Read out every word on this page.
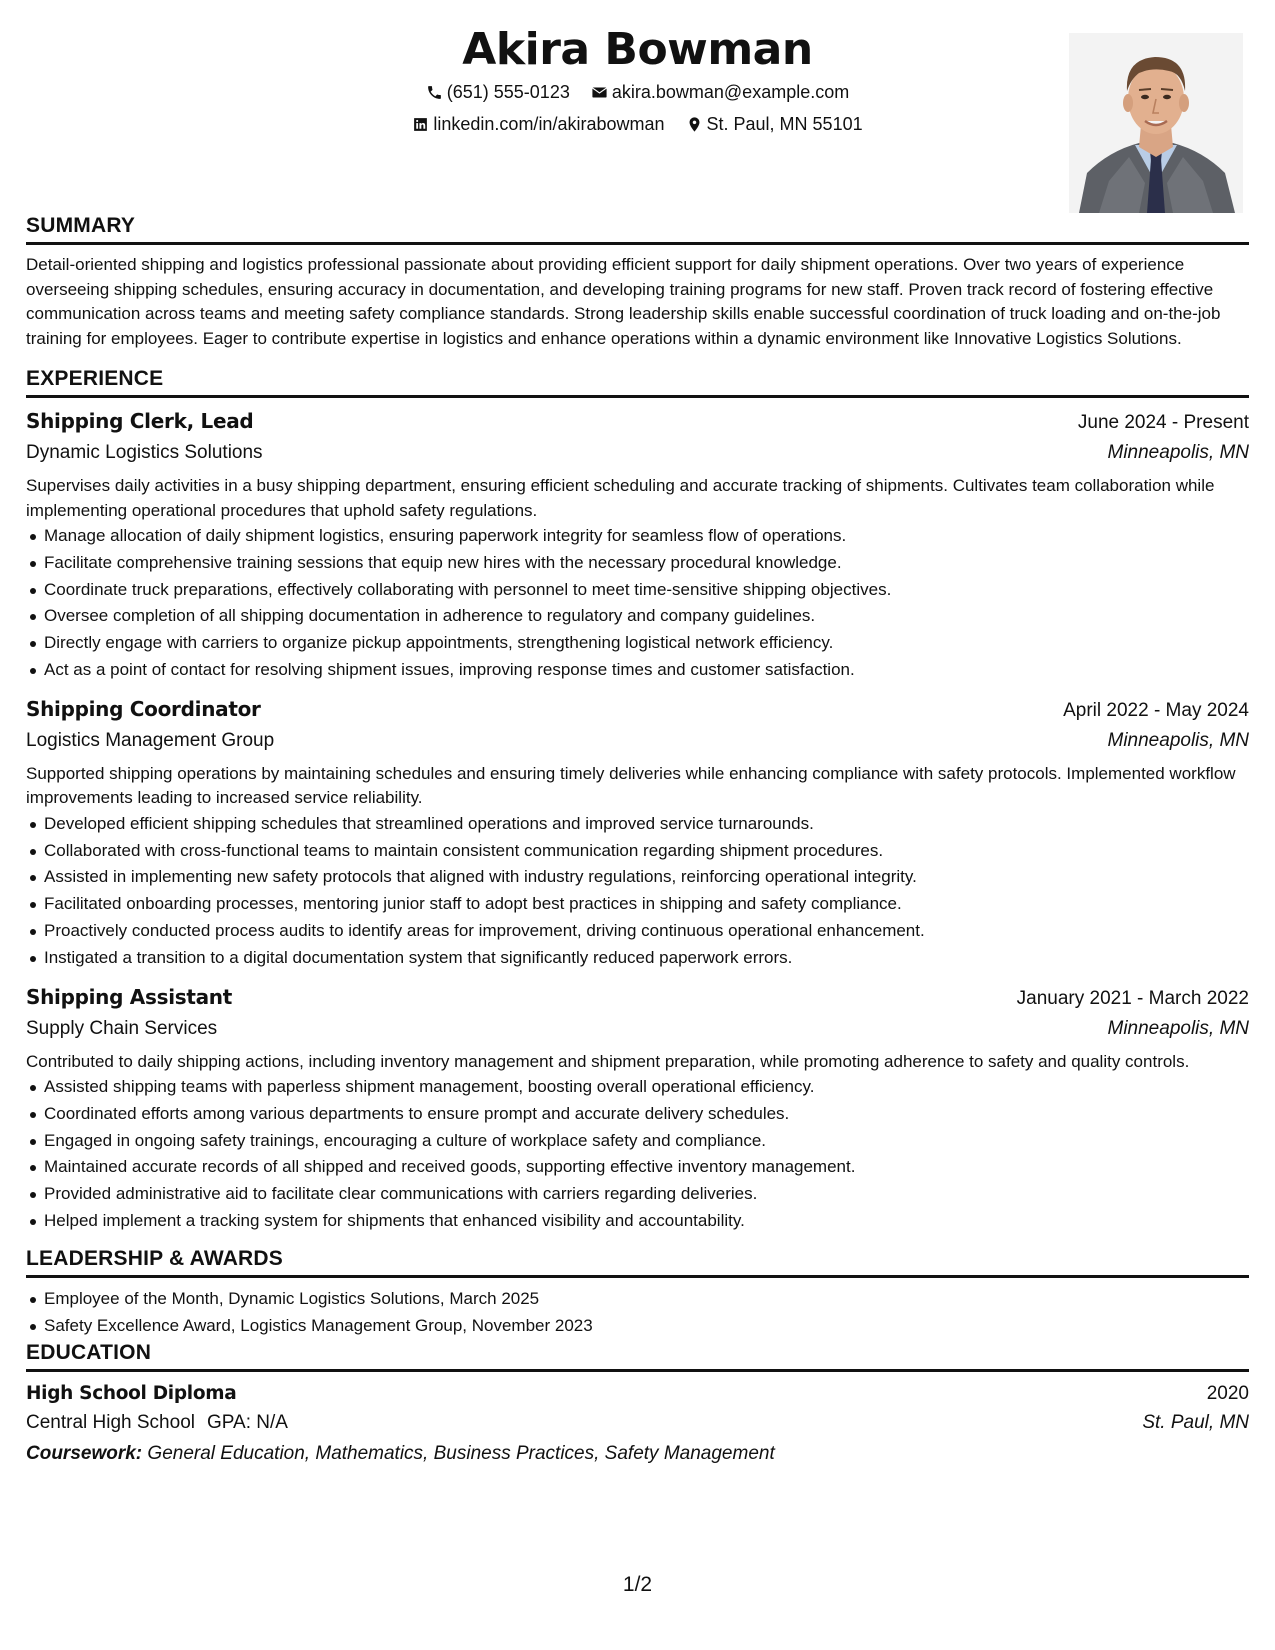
Akira Bowman
(651) 555-0123
akira.bowman@example.com
linkedin.com/in/akirabowman
St. Paul, MN 55101
SUMMARY

Detail-oriented shipping and logistics professional passionate about providing efficient support for daily shipment operations. Over two years of experience overseeing shipping schedules, ensuring accuracy in documentation, and developing training programs for new staff. Proven track record of fostering effective communication across teams and meeting safety compliance standards. Strong leadership skills enable successful coordination of truck loading and on-the-job training for employees. Eager to contribute expertise in logistics and enhance operations within a dynamic environment like Innovative Logistics Solutions.

EXPERIENCE
Shipping Clerk, Lead	June 2024 - Present
Dynamic Logistics Solutions	Minneapolis, MN

Supervises daily activities in a busy shipping department, ensuring efficient scheduling and accurate tracking of shipments. Cultivates team collaboration while implementing operational procedures that uphold safety regulations.

Manage allocation of daily shipment logistics, ensuring paperwork integrity for seamless flow of operations.
Facilitate comprehensive training sessions that equip new hires with the necessary procedural knowledge.
Coordinate truck preparations, effectively collaborating with personnel to meet time-sensitive shipping objectives.
Oversee completion of all shipping documentation in adherence to regulatory and company guidelines.
Directly engage with carriers to organize pickup appointments, strengthening logistical network efficiency.
Act as a point of contact for resolving shipment issues, improving response times and customer satisfaction.
Shipping Coordinator	April 2022 - May 2024
Logistics Management Group	Minneapolis, MN

Supported shipping operations by maintaining schedules and ensuring timely deliveries while enhancing compliance with safety protocols. Implemented workflow improvements leading to increased service reliability.

Developed efficient shipping schedules that streamlined operations and improved service turnarounds.
Collaborated with cross-functional teams to maintain consistent communication regarding shipment procedures.
Assisted in implementing new safety protocols that aligned with industry regulations, reinforcing operational integrity.
Facilitated onboarding processes, mentoring junior staff to adopt best practices in shipping and safety compliance.
Proactively conducted process audits to identify areas for improvement, driving continuous operational enhancement.
Instigated a transition to a digital documentation system that significantly reduced paperwork errors.
Shipping Assistant	January 2021 - March 2022
Supply Chain Services	Minneapolis, MN

Contributed to daily shipping actions, including inventory management and shipment preparation, while promoting adherence to safety and quality controls.

Assisted shipping teams with paperless shipment management, boosting overall operational efficiency.
Coordinated efforts among various departments to ensure prompt and accurate delivery schedules.
Engaged in ongoing safety trainings, encouraging a culture of workplace safety and compliance.
Maintained accurate records of all shipped and received goods, supporting effective inventory management.
Provided administrative aid to facilitate clear communications with carriers regarding deliveries.
Helped implement a tracking system for shipments that enhanced visibility and accountability.
LEADERSHIP & AWARDS
Employee of the Month, Dynamic Logistics Solutions, March 2025
Safety Excellence Award, Logistics Management Group, November 2023
EDUCATION
High School Diploma	2020
Central High School GPA: N/A	St. Paul, MN
Coursework: General Education, Mathematics, Business Practices, Safety Management
1/2
